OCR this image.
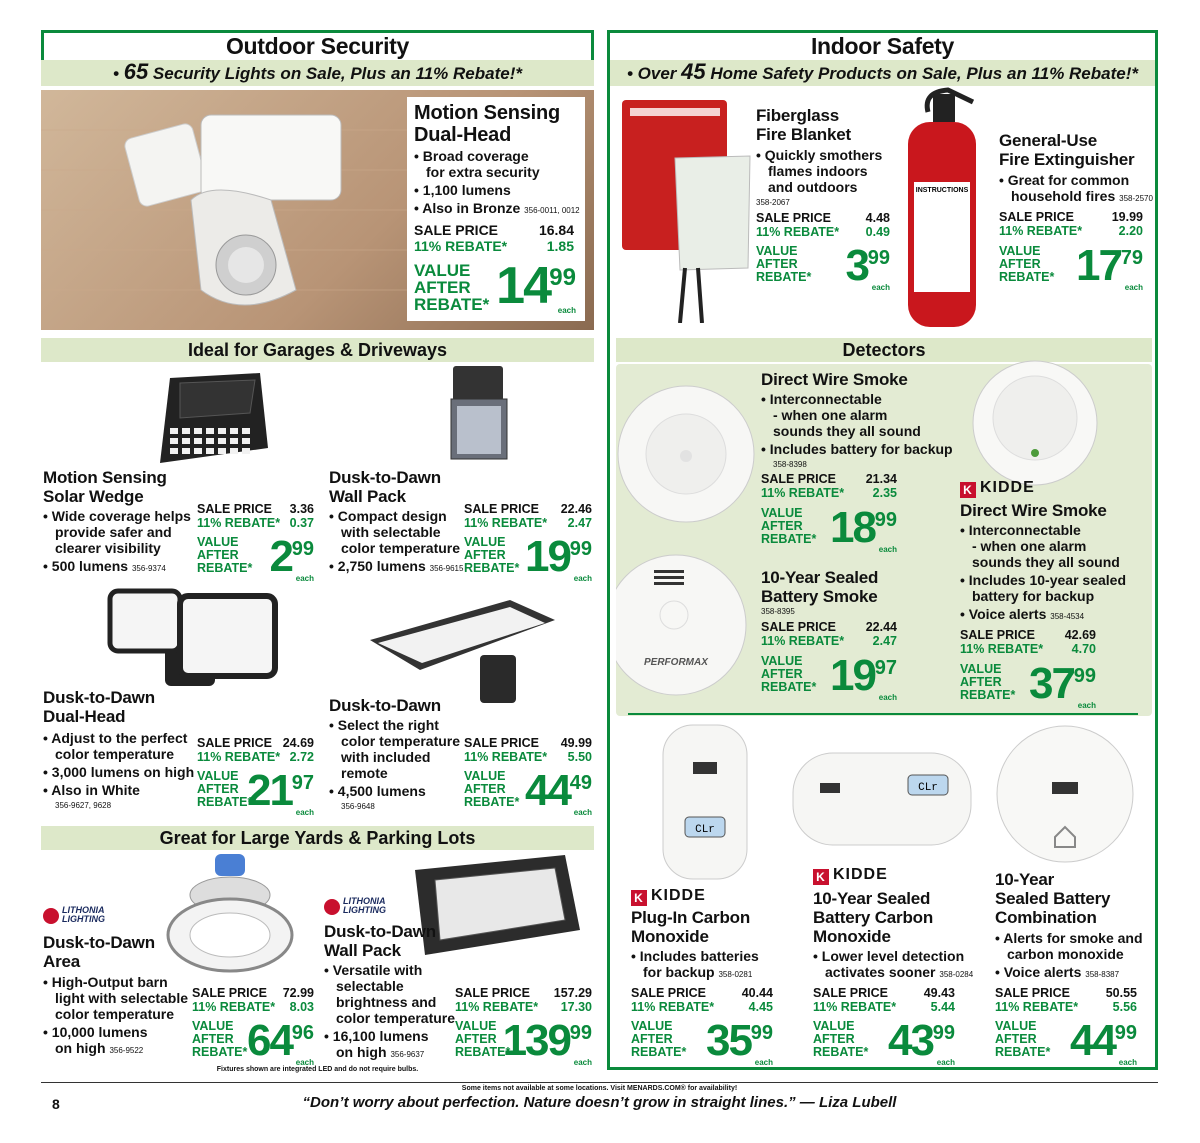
Outdoor Security
• 65 Security Lights on Sale, Plus an 11% Rebate!*
Motion Sensing
Dual-Head
• Broad coverage
for extra security
• 1,100 lumens
• Also in Bronze 356-0011, 0012
SALE PRICE	16.84
11% REBATE*	1.85
VALUE
AFTER
REBATE* 14 99
each
Ideal for Garages & Driveways
Motion Sensing
Solar Wedge
• Wide coverage helps
provide safer and
clearer visibility
• 500 lumens 356-9374
SALE PRICE 3.36
11% REBATE* 0.37
VALUE
AFTER
REBATE* 2 99
each
Dusk-to-Dawn
Wall Pack
• Compact design
with selectable
color temperature
• 2,750 lumens 356-9615
SALE PRICE 22.46
11% REBATE* 2.47
VALUE
AFTER
REBATE* 19 99
each
Dusk-to-Dawn
Dual-Head
• Adjust to the perfect
color temperature
• 3,000 lumens on high
• Also in White
356-9627, 9628
SALE PRICE 24.69
11% REBATE* 2.72
VALUE
AFTER
REBATE*
21 97
each
Dusk-to-Dawn
• Select the right
color temperature
with included
remote
• 4,500 lumens
356-9648
SALE PRICE 49.99
11% REBATE* 5.50
VALUE
AFTER
REBATE* 44 49
each
Great for Large Yards & Parking Lots
LITHONIA
LIGHTING
Dusk-to-Dawn
Area
• High-Output barn
light with selectable
color temperature
• 10,000 lumens
on high 356-9522
SALE PRICE 72.99
11% REBATE* 8.03
VALUE
AFTER
REBATE* 64 96
each
LITHONIA
LIGHTING
Dusk-to-Dawn
Wall Pack
• Versatile with
selectable
brightness and
color temperature
• 16,100 lumens
on high 356-9637
SALE PRICE 157.29
11% REBATE* 17.30
VALUE
AFTER
REBATE*
139 99
each
Fixtures shown are integrated LED and do not require bulbs.
Indoor Safety
• Over 45 Home Safety Products on Sale, Plus an 11% Rebate!*
Fiberglass
Fire Blanket
• Quickly smothers
flames indoors
and outdoors
358-2067
SALE PRICE	4.48
11% REBATE* 0.49
VALUE
AFTER
REBATE* 3 99
each
INSTRUCTIONS
General-Use
Fire Extinguisher
• Great for common
household fires 358-2570
SALE PRICE	19.99
11% REBATE*	2.20
VALUE
AFTER
REBATE* 17 79
each
Detectors
Direct Wire Smoke
• Interconnectable
- when one alarm
sounds they all sound
• Includes battery for backup
358-8398
SALE PRICE 21.34
11% REBATE* 2.35
VALUE
AFTER
REBATE* 18 99
each
PERFORMAX
10-Year Sealed
Battery Smoke
358-8395
SALE PRICE 22.44
11% REBATE* 2.47
VALUE
AFTER
REBATE* 19 97
each
K KIDDE
Direct Wire Smoke
• Interconnectable
- when one alarm
sounds they all sound
• Includes 10-year sealed
battery for backup
• Voice alerts 358-4534
SALE PRICE 42.69
11% REBATE* 4.70
VALUE
AFTER
REBATE* 37 99
each
CLr
K KIDDE
Plug-In Carbon
Monoxide
• Includes batteries
for backup 358-0281
SALE PRICE	40.44
11% REBATE*	4.45
VALUE
AFTER
REBATE* 35 99
each
CLr
K KIDDE
10-Year Sealed
Battery Carbon
Monoxide
• Lower level detection
activates sooner 358-0284
SALE PRICE	49.43
11% REBATE*	5.44
VALUE
AFTER
REBATE* 43 99
each
10-Year
Sealed Battery
Combination
• Alerts for smoke and
carbon monoxide
• Voice alerts 358-8387
SALE PRICE	50.55
11% REBATE*	5.56
VALUE
AFTER
REBATE* 44 99
each
Some items not available at some locations. Visit MENARDS.COM® for availability!
8	“Don’t worry about perfection. Nature doesn’t grow in straight lines.” — Liza Lubell
